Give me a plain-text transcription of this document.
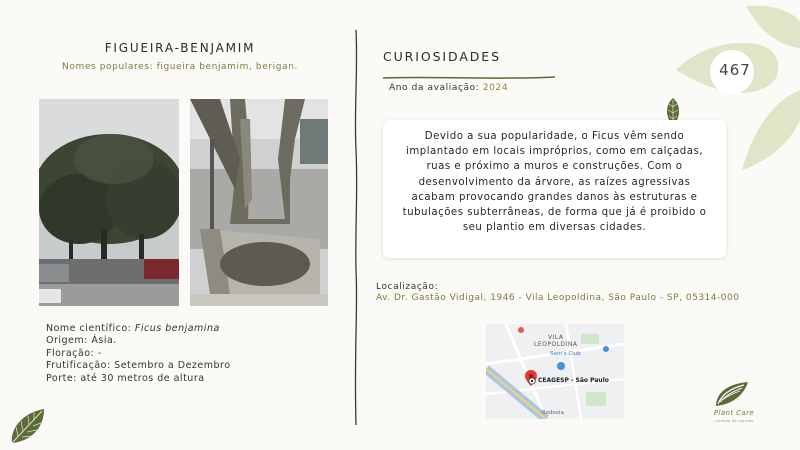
FIGUEIRA-BENJAMIM
Nomes populares: figueira benjamim, berigan.
Nome científico: Ficus benjamina
Origem: Ásia.
Floração: -
Frutificação: Setembro a Dezembro
Porte: até 30 metros de altura
CURIOSIDADES
Ano da avaliação: 2024

Devido a sua popularidade, o Ficus vêm sendo implantado em locais impróprios, como em calçadas, ruas e próximo a muros e construções. Com o desenvolvimento da árvore, as raízes agressivas acabam provocando grandes danos às estruturas e tubulações subterrâneas, de forma que já é proibido o seu plantio em diversas cidades.

Localização:
Av. Dr. Gastão Vidigal, 1946 - Vila Leopoldina, São Paulo - SP, 05314-000
VILA
LEOPOLDINA
Sam's Club
CEAGESP - São Paulo
Rodovia
467
Plant Care
cuidado de plantas
